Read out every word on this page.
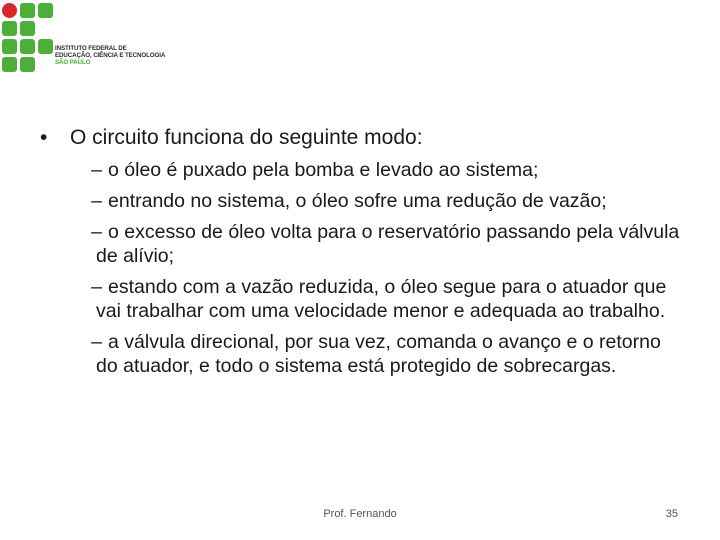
INSTITUTO FEDERAL DE
EDUCAÇÃO, CIÊNCIA E TECNOLOGIA
SÃO PAULO
•	O circuito funciona do seguinte modo:
– o óleo é puxado pela bomba e levado ao sistema;
– entrando no sistema, o óleo sofre uma redução de vazão;
– o excesso de óleo volta para o reservatório passando pela válvula de alívio;
– estando com a vazão reduzida, o óleo segue para o atuador que vai trabalhar com uma velocidade menor e adequada ao trabalho.
– a válvula direcional, por sua vez, comanda o avanço e o retorno do atuador, e todo o sistema está protegido de sobrecargas.
Prof. Fernando	35
